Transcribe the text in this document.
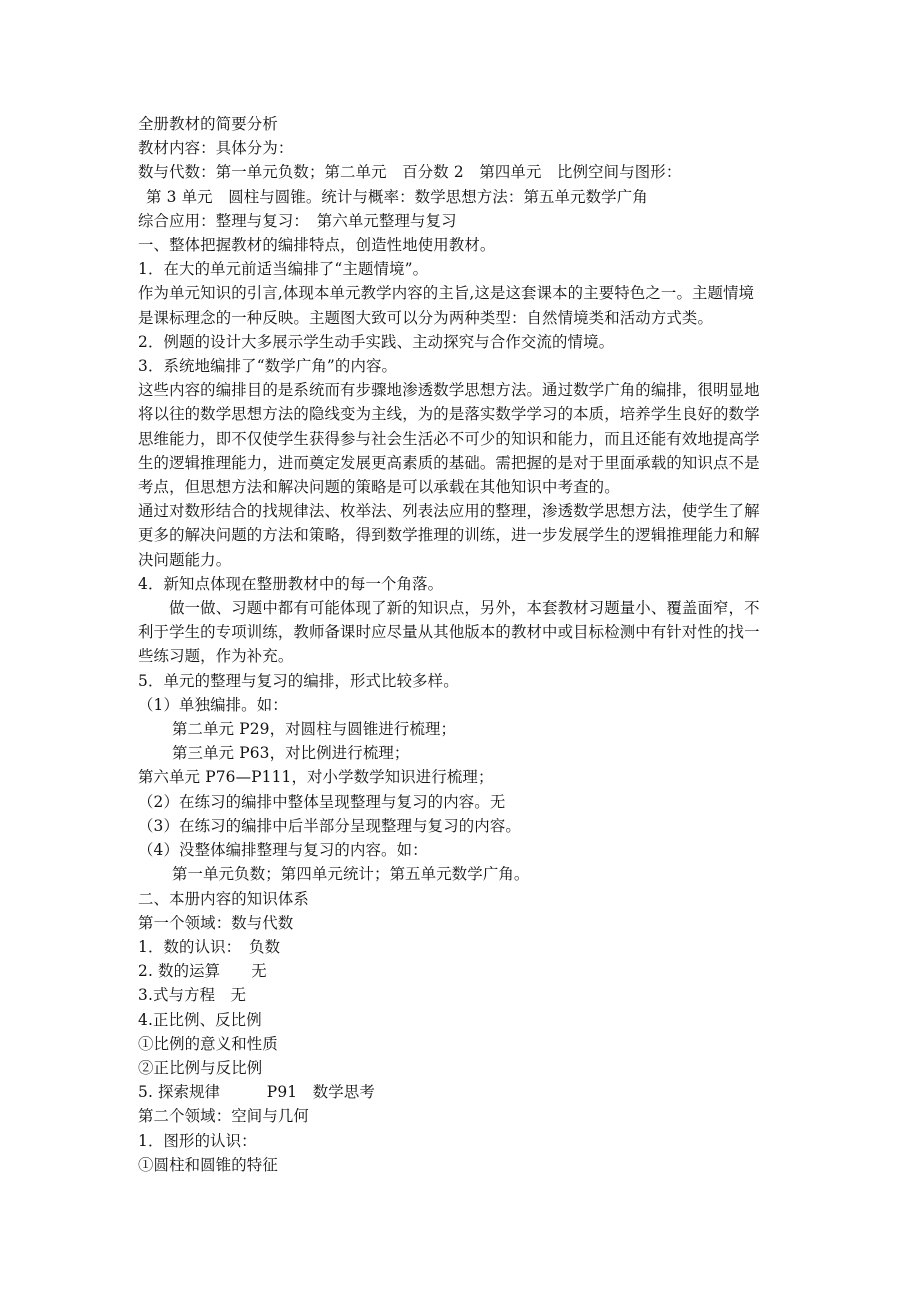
全册教材的简要分析

教材内容：具体分为：

数与代数：第一单元负数；第二单元　百分数 2　第四单元　比例空间与图形：

第 3 单元　圆柱与圆锥。统计与概率：数学思想方法：第五单元数学广角

综合应用：整理与复习：　第六单元整理与复习

一、整体把握教材的编排特点，创造性地使用教材。

1．在大的单元前适当编排了“主题情境”。

作为单元知识的引言,体现本单元教学内容的主旨,这是这套课本的主要特色之一。主题情境

是课标理念的一种反映。主题图大致可以分为两种类型：自然情境类和活动方式类。

2．例题的设计大多展示学生动手实践、主动探究与合作交流的情境。

3．系统地编排了“数学广角”的内容。

这些内容的编排目的是系统而有步骤地渗透数学思想方法。通过数学广角的编排，很明显地

将以往的数学思想方法的隐线变为主线，为的是落实数学学习的本质，培养学生良好的数学

思维能力，即不仅使学生获得参与社会生活必不可少的知识和能力，而且还能有效地提高学

生的逻辑推理能力，进而奠定发展更高素质的基础。需把握的是对于里面承载的知识点不是

考点，但思想方法和解决问题的策略是可以承载在其他知识中考查的。

通过对数形结合的找规律法、枚举法、列表法应用的整理，渗透数学思想方法，使学生了解

更多的解决问题的方法和策略，得到数学推理的训练，进一步发展学生的逻辑推理能力和解

决问题能力。

4．新知点体现在整册教材中的每一个角落。

　　做一做、习题中都有可能体现了新的知识点，另外，本套教材习题量小、覆盖面窄，不

利于学生的专项训练，教师备课时应尽量从其他版本的教材中或目标检测中有针对性的找一

些练习题，作为补充。

5．单元的整理与复习的编排，形式比较多样。

（1）单独编排。如：

第二单元 P29，对圆柱与圆锥进行梳理；

第三单元 P63，对比例进行梳理；

第六单元 P76—P111，对小学数学知识进行梳理；

（2）在练习的编排中整体呈现整理与复习的内容。无

（3）在练习的编排中后半部分呈现整理与复习的内容。

（4）没整体编排整理与复习的内容。如：

第一单元负数；第四单元统计；第五单元数学广角。

二、本册内容的知识体系

第一个领域：数与代数

1．数的认识：　负数

2. 数的运算　　无

3.式与方程　无

4.正比例、反比例

①比例的意义和性质

②正比例与反比例

5. 探索规律　　　P91　数学思考

第二个领域：空间与几何

1．图形的认识：

①圆柱和圆锥的特征
